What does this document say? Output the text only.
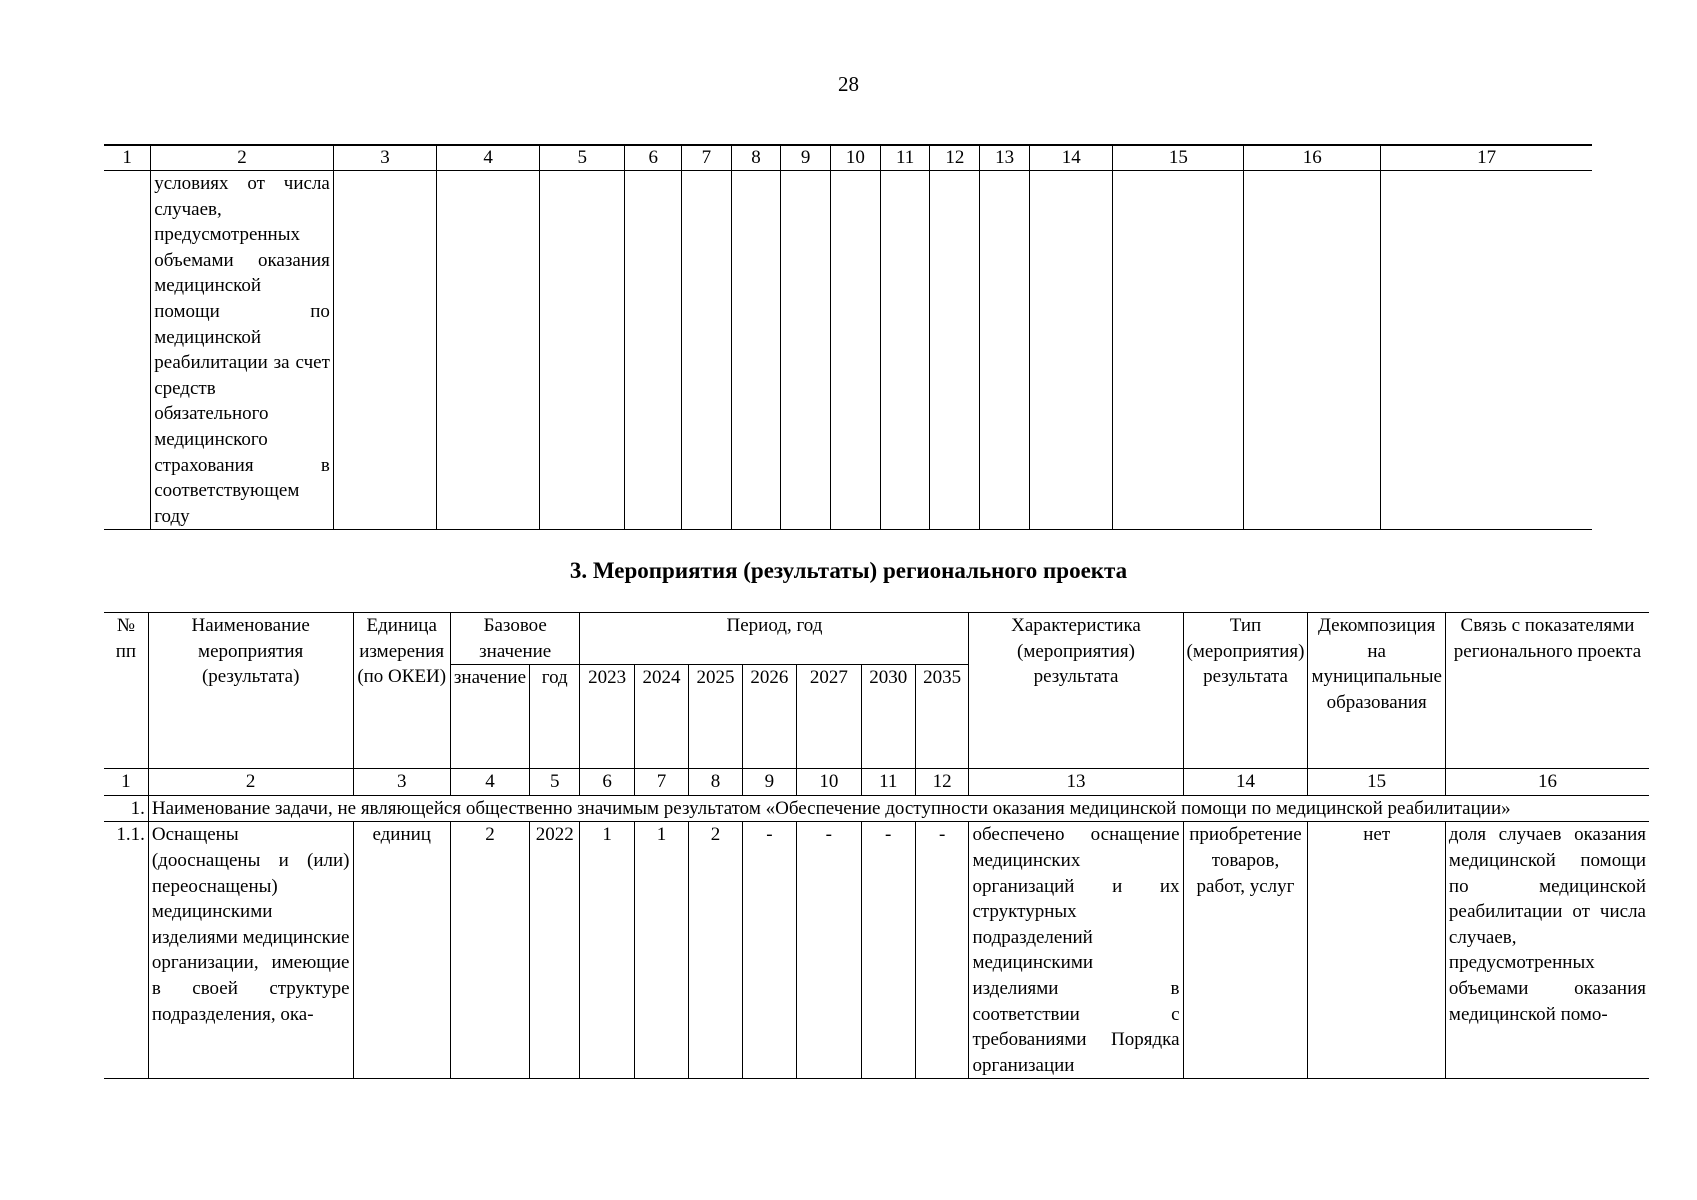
28
1	2	3	4	5	6	7	8	9	10	11	12	13	14	15	16	17
	условиях от числа случаев, предусмотренных объемами оказания медицинской помощи по медицинской реабилитации за счет средств обязательного медицинского страхования в соответствующем году															
3. Мероприятия (результаты) регионального проекта
№ пп	Наименование мероприятия (результата)	Единица измерения (по ОКЕИ)	Базовое значение		Период, год							Характеристика (мероприятия) результата	Тип (мероприятия) результата	Декомпозиция на муниципальные образования	Связь с показателями регионального проекта
			значение	год	2023	2024	2025	2026	2027	2030	2035				
1	2	3	4	5	6	7	8	9	10	11	12	13	14	15	16
1.	Наименование задачи, не являющейся общественно значимым результатом «Обеспечение доступности оказания медицинской помощи по медицинской реабилитации»														
1.1.	Оснащены (дооснащены и (или) переоснащены) медицинскими изделиями медицинские организации, имеющие в своей структуре подразделения, ока-	единиц	2	2022	1	1	2	-	-	-	-	обеспечено оснащение медицинских организаций и их структурных подразделений медицинскими изделиями в соответствии с требованиями Порядка организации	приобретение товаров, работ, услуг	нет	доля случаев оказания медицинской помощи по медицинской реабилитации от числа случаев, предусмотренных объемами оказания медицинской помо-
